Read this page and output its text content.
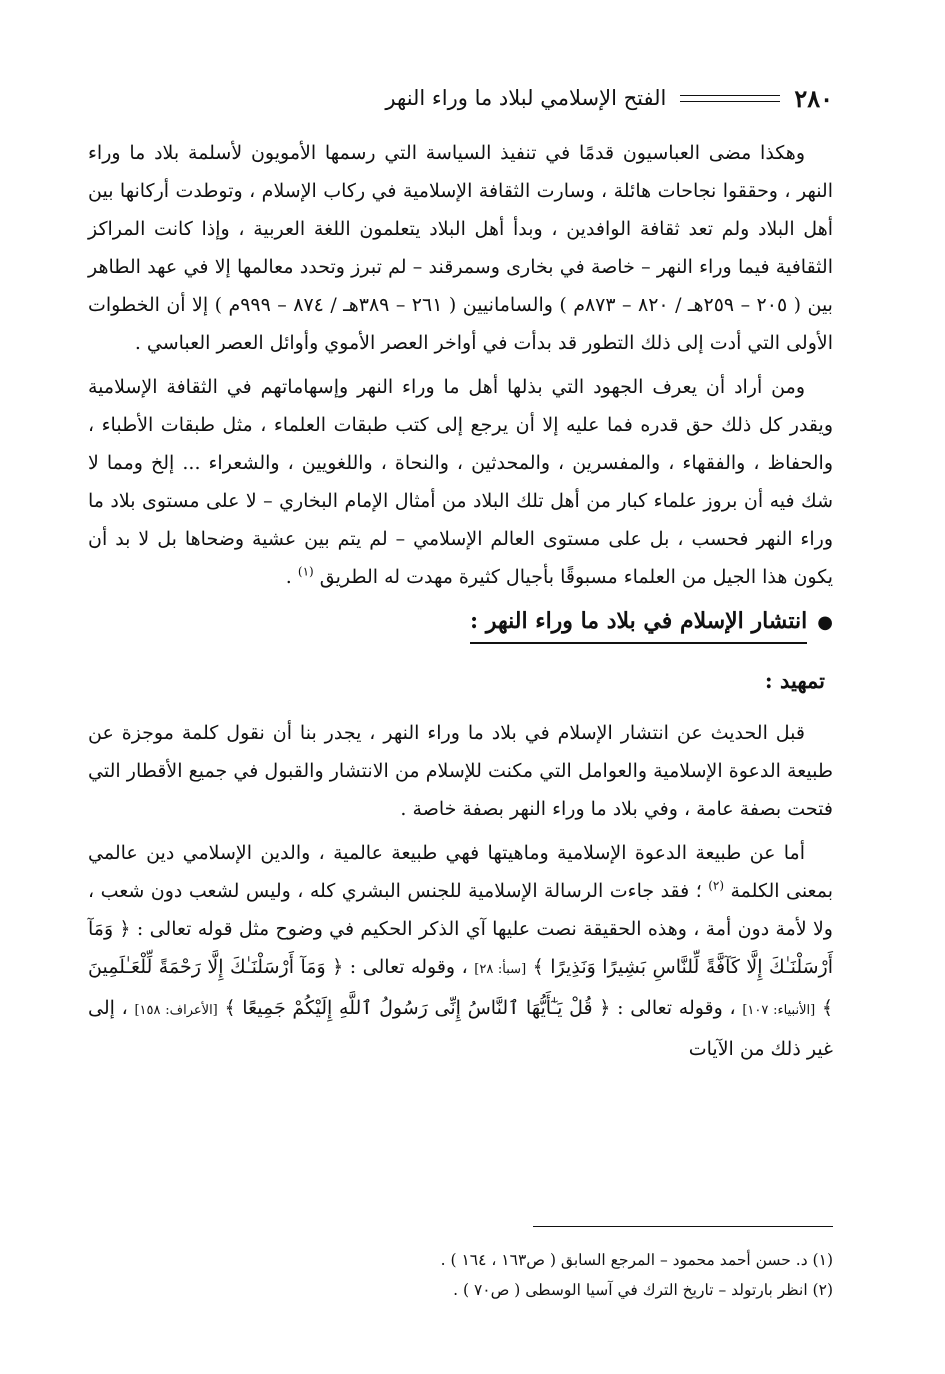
٢٨٠
الفتح الإسلامي لبلاد ما وراء النهر

وهكذا مضى العباسيون قدمًا في تنفيذ السياسة التي رسمها الأمويون لأسلمة بلاد ما وراء النهر ، وحققوا نجاحات هائلة ، وسارت الثقافة الإسلامية في ركاب الإسلام ، وتوطدت أركانها بين أهل البلاد ولم تعد ثقافة الوافدين ، وبدأ أهل البلاد يتعلمون اللغة العربية ، وإذا كانت المراكز الثقافية فيما وراء النهر – خاصة في بخارى وسمرقند – لم تبرز وتحدد معالمها إلا في عهد الطاهر بين ( ٢٠٥ – ٢٥٩هـ / ٨٢٠ – ٨٧٣م ) والسامانيين ( ٢٦١ – ٣٨٩هـ / ٨٧٤ – ٩٩٩م ) إلا أن الخطوات الأولى التي أدت إلى ذلك التطور قد بدأت في أواخر العصر الأموي وأوائل العصر العباسي .

ومن أراد أن يعرف الجهود التي بذلها أهل ما وراء النهر وإسهاماتهم في الثقافة الإسلامية ويقدر كل ذلك حق قدره فما عليه إلا أن يرجع إلى كتب طبقات العلماء ، مثل طبقات الأطباء ، والحفاظ ، والفقهاء ، والمفسرين ، والمحدثين ، والنحاة ، واللغويين ، والشعراء ... إلخ ومما لا شك فيه أن بروز علماء كبار من أهل تلك البلاد من أمثال الإمام البخاري – لا على مستوى بلاد ما وراء النهر فحسب ، بل على مستوى العالم الإسلامي – لم يتم بين عشية وضحاها بل لا بد أن يكون هذا الجيل من العلماء مسبوقًا بأجيال كثيرة مهدت له الطريق $^{(١)}$ .

●
انتشار الإسلام في بلاد ما وراء النهر :
تمهيد :

قبل الحديث عن انتشار الإسلام في بلاد ما وراء النهر ، يجدر بنا أن نقول كلمة موجزة عن طبيعة الدعوة الإسلامية والعوامل التي مكنت للإسلام من الانتشار والقبول في جميع الأقطار التي فتحت بصفة عامة ، وفي بلاد ما وراء النهر بصفة خاصة .

أما عن طبيعة الدعوة الإسلامية وماهيتها فهي طبيعة عالمية ، والدين الإسلامي دين عالمي بمعنى الكلمة $^{(٢)}$ ؛ فقد جاءت الرسالة الإسلامية للجنس البشري كله ، وليس لشعب دون شعب ، ولا لأمة دون أمة ، وهذه الحقيقة نصت عليها آي الذكر الحكيم في وضوح مثل قوله تعالى : ﴿ وَمَآ أَرْسَلْنَـٰكَ إِلَّا كَآفَّةً لِّلنَّاسِ بَشِيرًا وَنَذِيرًا ﴾ [سبأ: ٢٨] ، وقوله تعالى : ﴿ وَمَآ أَرْسَلْنَـٰكَ إِلَّا رَحْمَةً لِّلْعَـٰلَمِينَ ﴾ [الأنبياء: ١٠٧] ، وقوله تعالى : ﴿ قُلْ يَـٰٓأَيُّهَا ٱلنَّاسُ إِنِّى رَسُولُ ٱللَّهِ إِلَيْكُمْ جَمِيعًا ﴾ [الأعراف: ١٥٨] ، إلى غير ذلك من الآيات

(١) د. حسن أحمد محمود – المرجع السابق ( ص١٦٣ ، ١٦٤ ) .
(٢) انظر بارتولد – تاريخ الترك في آسيا الوسطى ( ص٧٠ ) .
